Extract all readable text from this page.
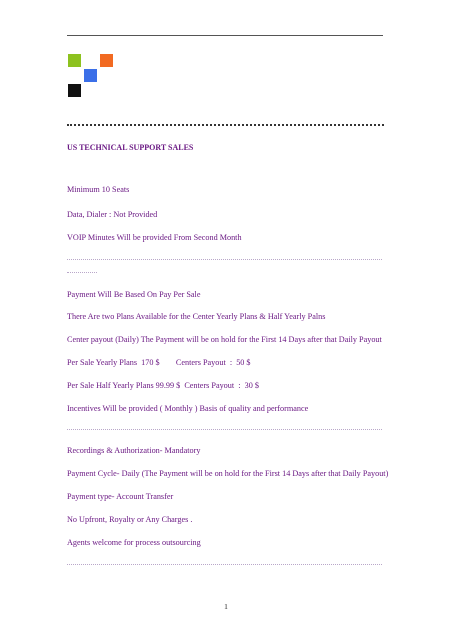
US TECHNICAL SUPPORT SALES
Minimum 10 Seats
Data, Dialer : Not Provided
VOIP Minutes Will be provided From Second Month
Payment Will Be Based On Pay Per Sale
There Are two Plans Available for the Center Yearly Plans & Half Yearly Palns
Center payout (Daily) The Payment will be on hold for the First 14 Days after that Daily Payout
Per Sale Yearly Plans  170 $        Centers Payout  :  50 $
Per Sale Half Yearly Plans 99.99 $  Centers Payout  :  30 $
Incentives Will be provided ( Monthly ) Basis of quality and performance
Recordings & Authorization- Mandatory
Payment Cycle- Daily (The Payment will be on hold for the First 14 Days after that Daily Payout)
Payment type- Account Transfer
No Upfront, Royalty or Any Charges .
Agents welcome for process outsourcing
1
